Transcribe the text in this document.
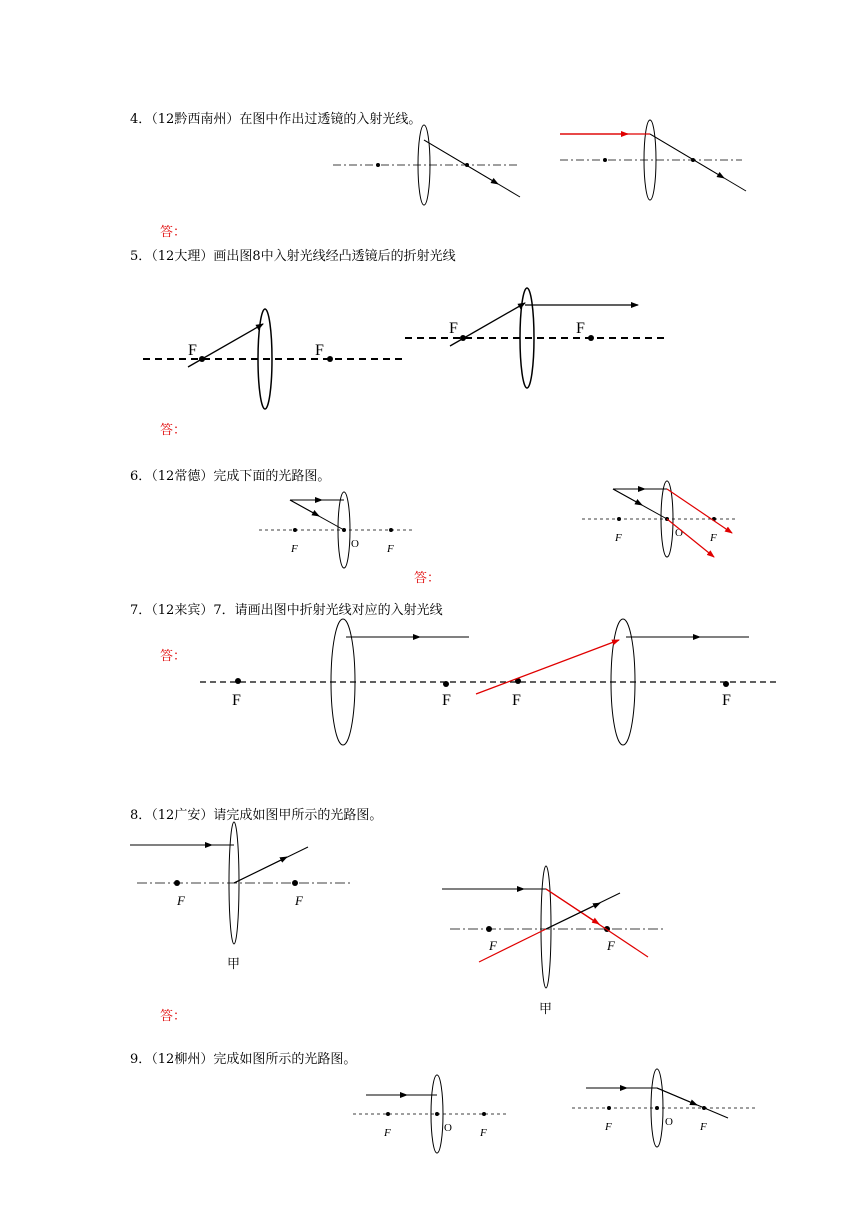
4．（12黔西南州）在图中作出过透镜的入射光线。
5．（12大理）画出图8中入射光线经凸透镜后的折射光线
6．（12常德）完成下面的光路图。
7．（12来宾）7．请画出图中折射光线对应的入射光线
8．（12广安）请完成如图甲所示的光路图。
9．（12柳州）完成如图所示的光路图。
答：
答：
答：
答：
答：
F	F
F	F
F	O	F
F	O F
F	F	F	F
F	F
甲
F	F
甲
F	O	F	F	O F
